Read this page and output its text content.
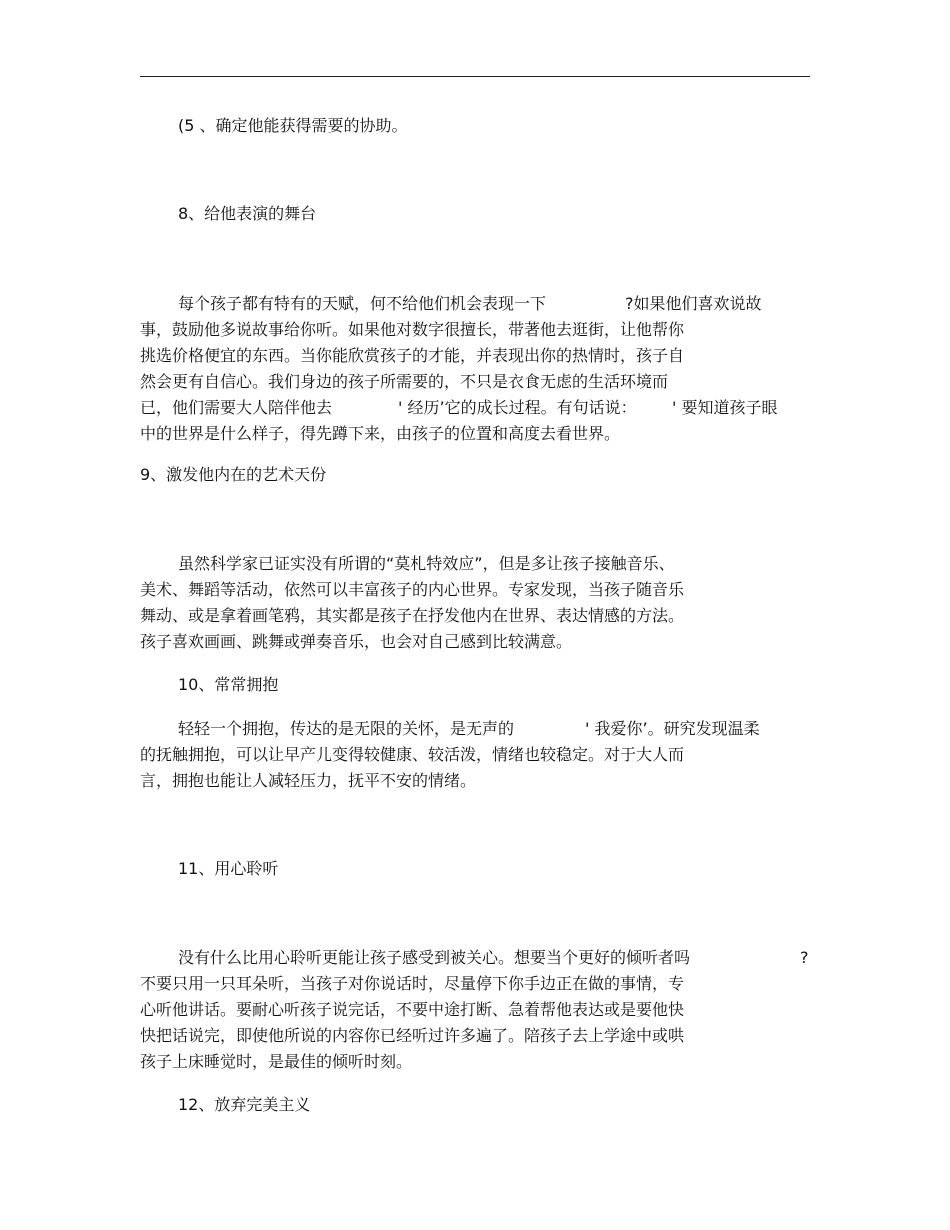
(5 、确定他能获得需要的协助。
8、给他表演的舞台
每个孩子都有特有的天赋，何不给他们机会表现一下	?如果他们喜欢说故
事，鼓励他多说故事给你听。如果他对数字很擅长，带著他去逛街，让他帮你
挑选价格便宜的东西。当你能欣赏孩子的才能，并表现出你的热情时，孩子自
然会更有自信心。我们身边的孩子所需要的，不只是衣食无虑的生活环境而
已，他们需要大人陪伴他去	' 经历’它的成长过程。有句话说： ' 要知道孩子眼
中的世界是什么样子，得先蹲下来，由孩子的位置和高度去看世界。
9、激发他内在的艺术天份
虽然科学家已证实没有所谓的“莫札特效应”，但是多让孩子接触音乐、
美术、舞蹈等活动，依然可以丰富孩子的内心世界。专家发现，当孩子随音乐
舞动、或是拿着画笔鸦，其实都是孩子在抒发他内在世界、表达情感的方法。
孩子喜欢画画、跳舞或弹奏音乐，也会对自己感到比较满意。
10、常常拥抱
轻轻一个拥抱，传达的是无限的关怀，是无声的	' 我爱你’。研究发现温柔
的抚触拥抱，可以让早产儿变得较健康、较活泼，情绪也较稳定。对于大人而
言，拥抱也能让人减轻压力，抚平不安的情绪。
11、用心聆听
没有什么比用心聆听更能让孩子感受到被关心。想要当个更好的倾听者吗	?
不要只用一只耳朵听，当孩子对你说话时，尽量停下你手边正在做的事情，专
心听他讲话。要耐心听孩子说完话，不要中途打断、急着帮他表达或是要他快
快把话说完，即使他所说的内容你已经听过许多遍了。陪孩子去上学途中或哄
孩子上床睡觉时，是最佳的倾听时刻。
12、放弃完美主义
